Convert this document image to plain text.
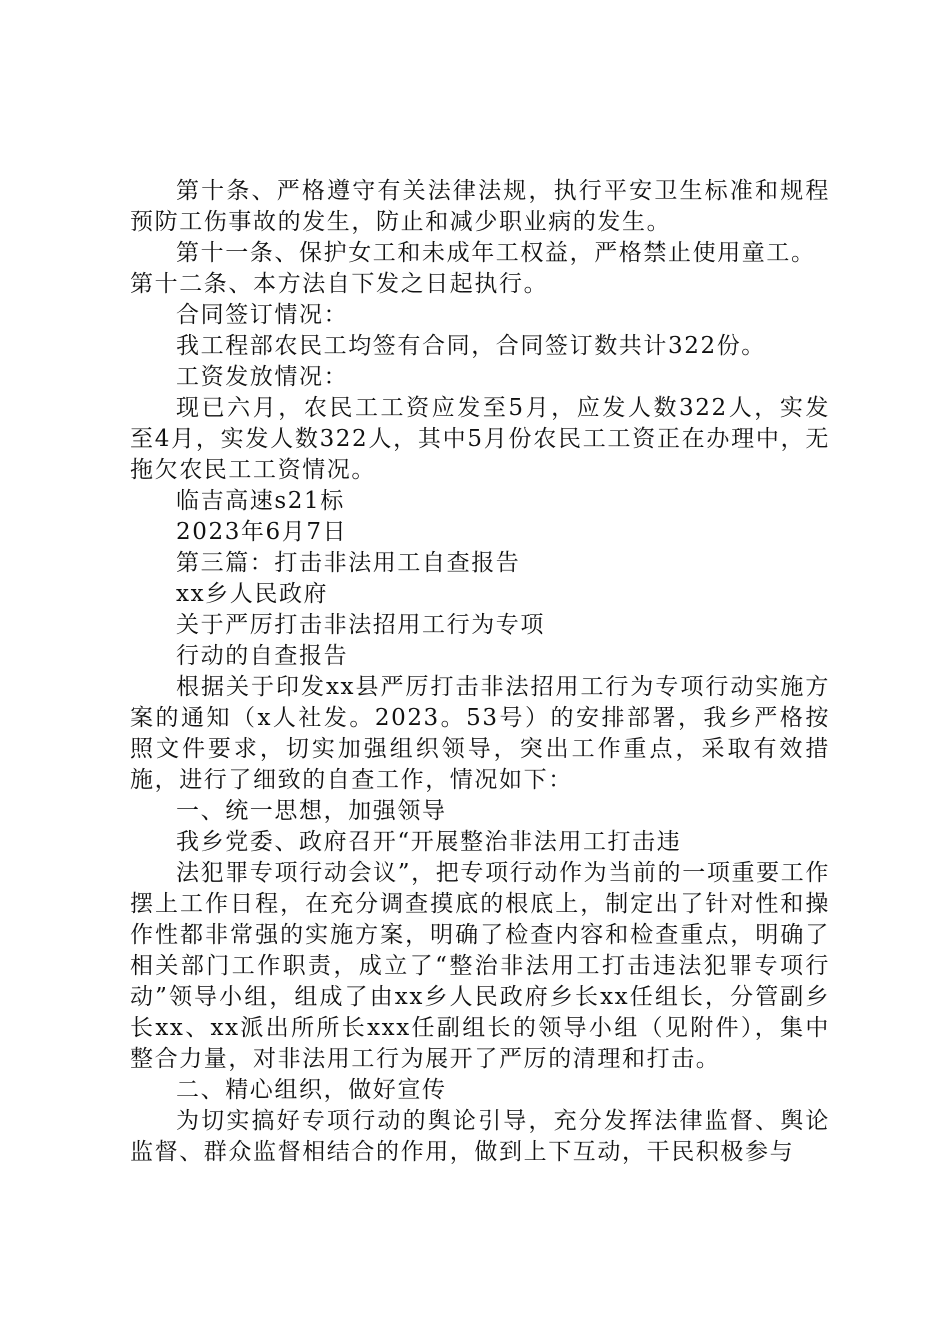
第十条、严格遵守有关法律法规，执行平安卫生标准和规程预防工伤事故的发生，防止和减少职业病的发生。

第十一条、保护女工和未成年工权益，严格禁止使用童工。

第十二条、本方法自下发之日起执行。

合同签订情况：

我工程部农民工均签有合同，合同签订数共计322份。

工资发放情况：

现已六月，农民工工资应发至5月，应发人数322人，实发至4月，实发人数322人，其中5月份农民工工资正在办理中，无拖欠农民工工资情况。

临吉高速s21标

2023年6月7日

第三篇：打击非法用工自查报告

xx乡人民政府

关于严厉打击非法招用工行为专项

行动的自查报告

根据关于印发xx县严厉打击非法招用工行为专项行动实施方案的通知（x人社发。2023。53号）的安排部署，我乡严格按照文件要求，切实加强组织领导，突出工作重点，采取有效措施，进行了细致的自查工作，情况如下：

一、统一思想，加强领导

我乡党委、政府召开“开展整治非法用工打击违

法犯罪专项行动会议”，把专项行动作为当前的一项重要工作摆上工作日程，在充分调查摸底的根底上，制定出了针对性和操作性都非常强的实施方案，明确了检查内容和检查重点，明确了相关部门工作职责，成立了“整治非法用工打击违法犯罪专项行动”领导小组，组成了由xx乡人民政府乡长xx任组长，分管副乡长xx、xx派出所所长xxx任副组长的领导小组（见附件），集中整合力量，对非法用工行为展开了严厉的清理和打击。

二、精心组织，做好宣传

为切实搞好专项行动的舆论引导，充分发挥法律监督、舆论监督、群众监督相结合的作用，做到上下互动，干民积极参与
